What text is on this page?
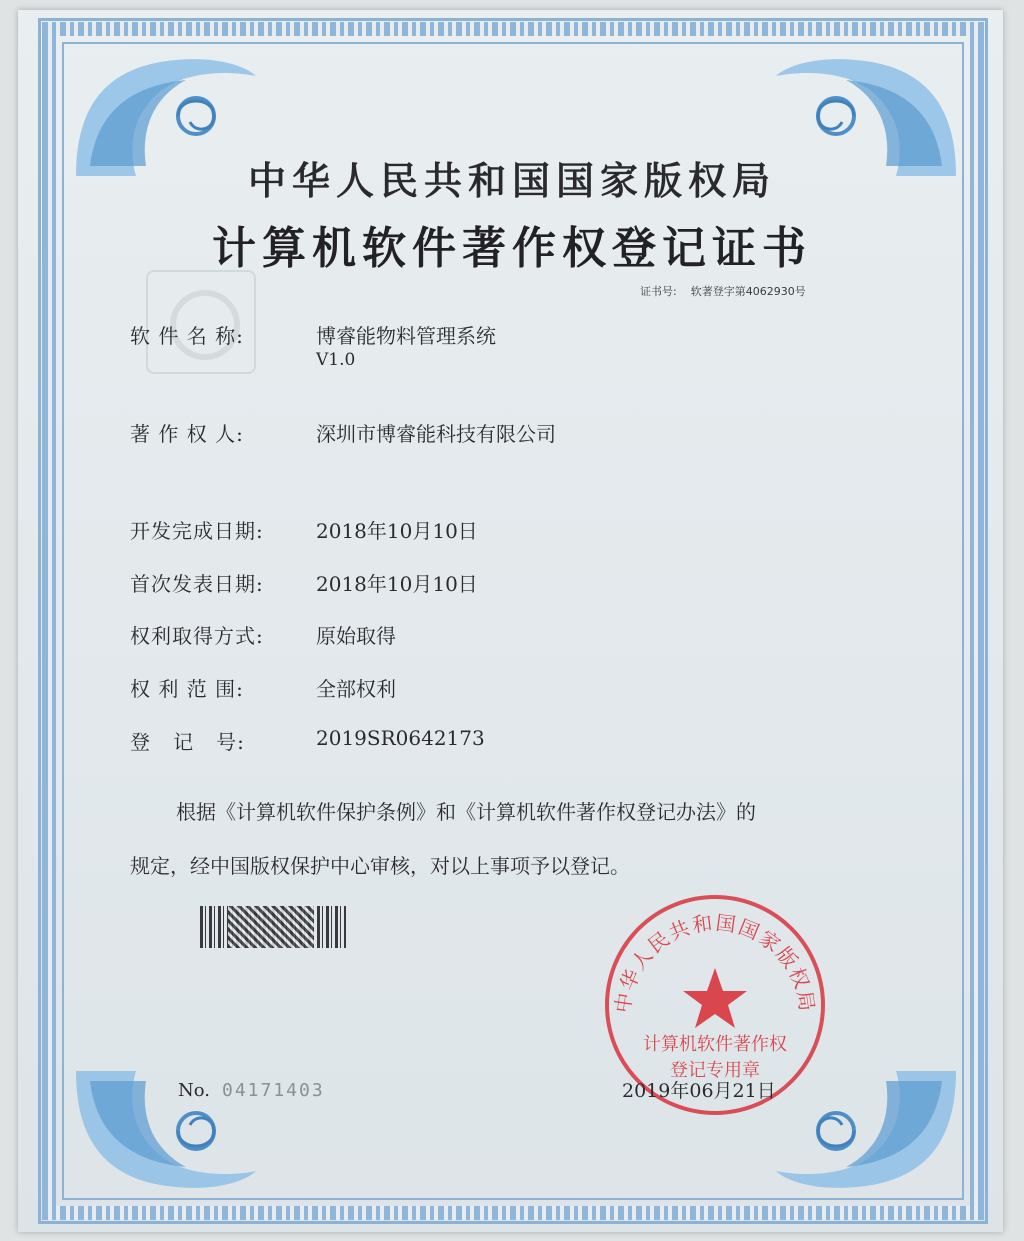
中华人民共和国国家版权局
计算机软件著作权登记证书
证书号: 软著登字第4062930号
软 件 名 称:	博睿能物料管理系统
V1.0
著 作 权 人:	深圳市博睿能科技有限公司
开发完成日期:	2018年10月10日
首次发表日期:	2018年10月10日
权利取得方式:	原始取得
权 利 范 围:	全部权利
登   记   号:	2019SR0642173
根据《计算机软件保护条例》和《计算机软件著作权登记办法》的
规定，经中国版权保护中心审核，对以上事项予以登记。
中华人民共和国国家版权局
计算机软件著作权
登记专用章
No. 04171403	2019年06月21日
